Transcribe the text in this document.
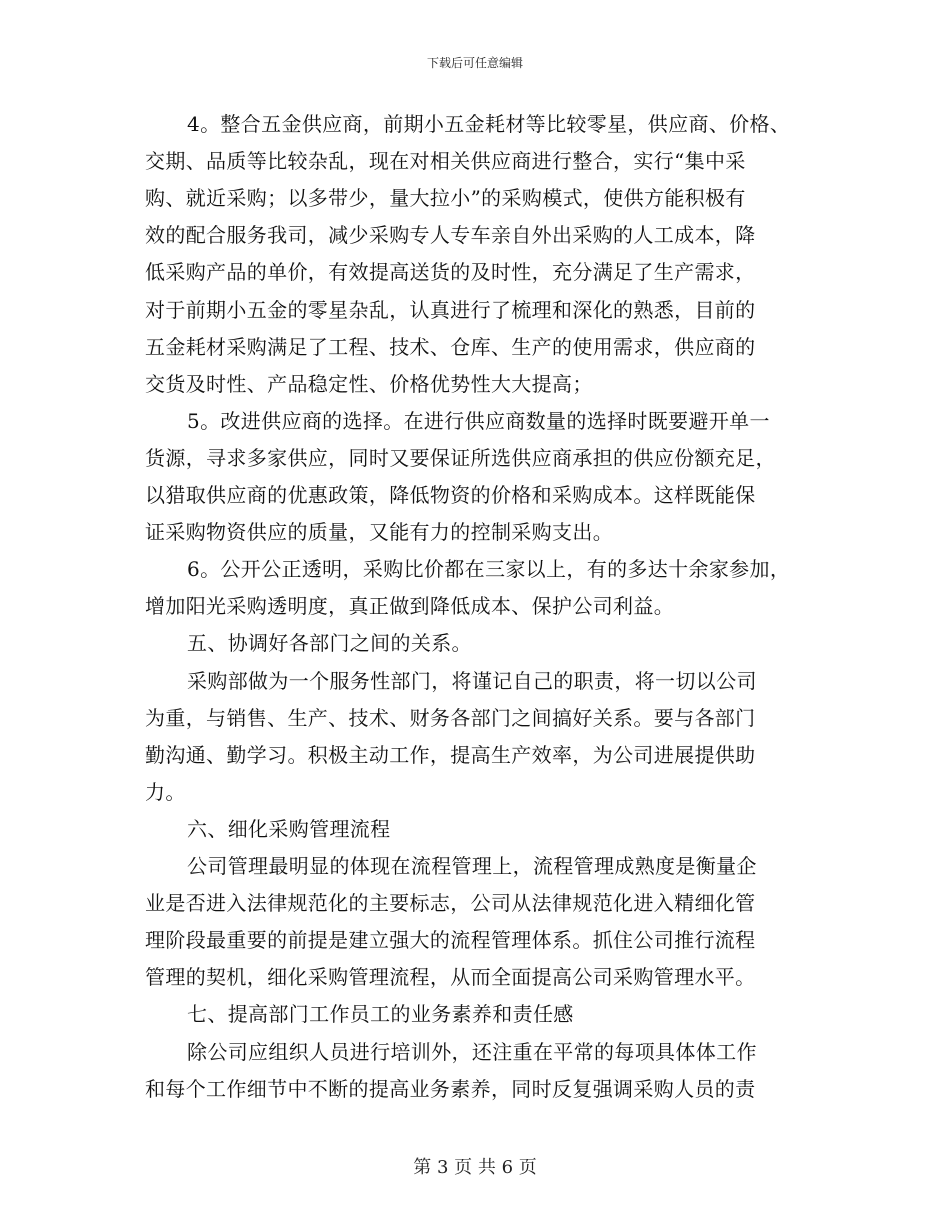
下载后可任意编辑
4。整合五金供应商，前期小五金耗材等比较零星，供应商、价格、
交期、品质等比较杂乱，现在对相关供应商进行整合，实行“集中采
购、就近采购；以多带少，量大拉小”的采购模式，使供方能积极有
效的配合服务我司，减少采购专人专车亲自外出采购的人工成本，降
低采购产品的单价，有效提高送货的及时性，充分满足了生产需求，
对于前期小五金的零星杂乱，认真进行了梳理和深化的熟悉，目前的
五金耗材采购满足了工程、技术、仓库、生产的使用需求，供应商的
交货及时性、产品稳定性、价格优势性大大提高；
5。改进供应商的选择。在进行供应商数量的选择时既要避开单一
货源，寻求多家供应，同时又要保证所选供应商承担的供应份额充足，
以猎取供应商的优惠政策，降低物资的价格和采购成本。这样既能保
证采购物资供应的质量，又能有力的控制采购支出。
6。公开公正透明，采购比价都在三家以上，有的多达十余家参加，
增加阳光采购透明度，真正做到降低成本、保护公司利益。
五、协调好各部门之间的关系。
采购部做为一个服务性部门，将谨记自己的职责，将一切以公司
为重，与销售、生产、技术、财务各部门之间搞好关系。要与各部门
勤沟通、勤学习。积极主动工作，提高生产效率，为公司进展提供助
力。
六、细化采购管理流程
公司管理最明显的体现在流程管理上，流程管理成熟度是衡量企
业是否进入法律规范化的主要标志，公司从法律规范化进入精细化管
理阶段最重要的前提是建立强大的流程管理体系。抓住公司推行流程
管理的契机，细化采购管理流程，从而全面提高公司采购管理水平。
七、提高部门工作员工的业务素养和责任感
除公司应组织人员进行培训外，还注重在平常的每项具体体工作
和每个工作细节中不断的提高业务素养，同时反复强调采购人员的责
第 3 页 共 6 页
